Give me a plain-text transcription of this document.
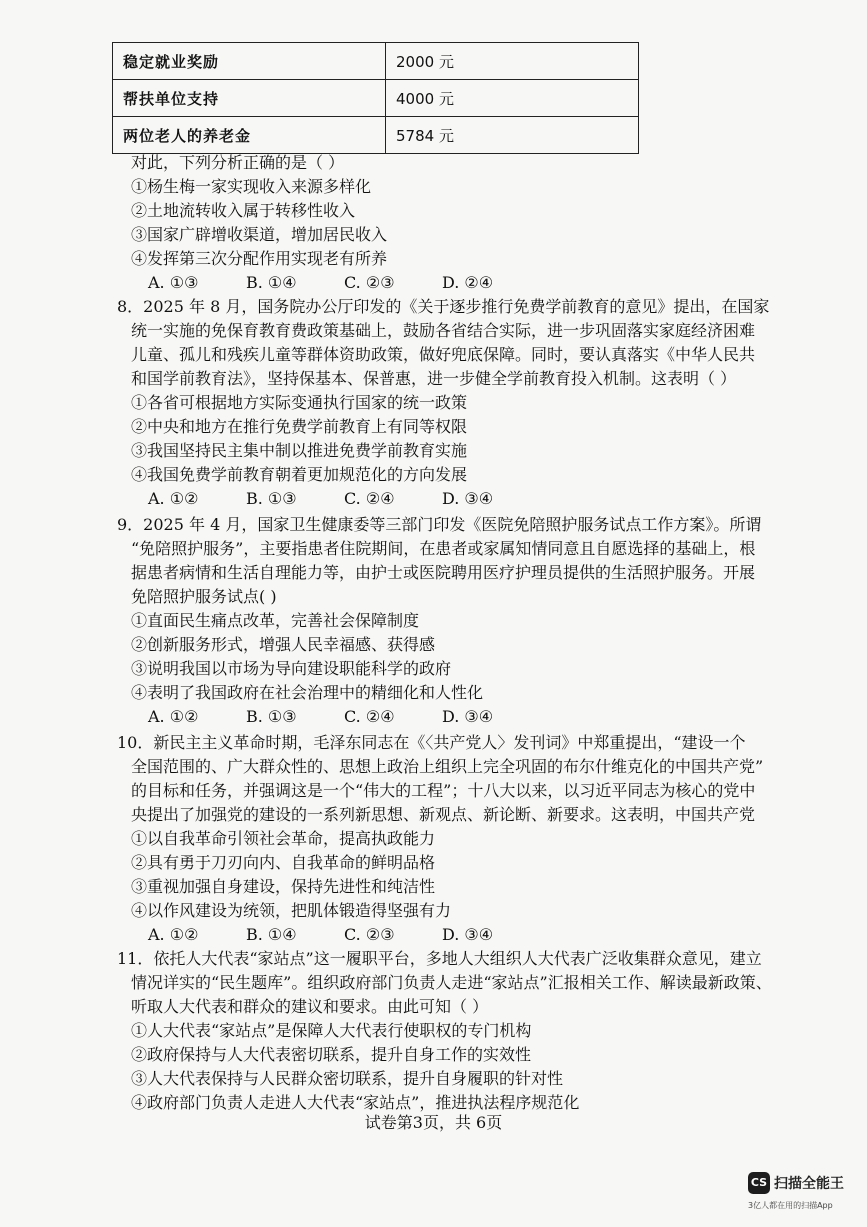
稳定就业奖励	2000 元
帮扶单位支持	4000 元
两位老人的养老金	5784 元
对此，下列分析正确的是（ ）
①杨生梅一家实现收入来源多样化
②土地流转收入属于转移性收入
③国家广辟增收渠道，增加居民收入
④发挥第三次分配作用实现老有所养
A. ①③	B. ①④	C. ②③	D. ②④
8．2025 年 8 月，国务院办公厅印发的《关于逐步推行免费学前教育的意见》提出，在国家
统一实施的免保育教育费政策基础上，鼓励各省结合实际，进一步巩固落实家庭经济困难
儿童、孤儿和残疾儿童等群体资助政策，做好兜底保障。同时，要认真落实《中华人民共
和国学前教育法》，坚持保基本、保普惠，进一步健全学前教育投入机制。这表明（ ）
①各省可根据地方实际变通执行国家的统一政策
②中央和地方在推行免费学前教育上有同等权限
③我国坚持民主集中制以推进免费学前教育实施
④我国免费学前教育朝着更加规范化的方向发展
A. ①②	B. ①③	C. ②④	D. ③④
9．2025 年 4 月，国家卫生健康委等三部门印发《医院免陪照护服务试点工作方案》。所谓
“免陪照护服务”，主要指患者住院期间，在患者或家属知情同意且自愿选择的基础上，根
据患者病情和生活自理能力等，由护士或医院聘用医疗护理员提供的生活照护服务。开展
免陪照护服务试点( )
①直面民生痛点改革，完善社会保障制度
②创新服务形式，增强人民幸福感、获得感
③说明我国以市场为导向建设职能科学的政府
④表明了我国政府在社会治理中的精细化和人性化
A. ①②	B. ①③	C. ②④	D. ③④
10．新民主主义革命时期，毛泽东同志在《〈共产党人〉发刊词》中郑重提出，“建设一个
全国范围的、广大群众性的、思想上政治上组织上完全巩固的布尔什维克化的中国共产党”
的目标和任务，并强调这是一个“伟大的工程”；十八大以来，以习近平同志为核心的党中
央提出了加强党的建设的一系列新思想、新观点、新论断、新要求。这表明，中国共产党
①以自我革命引领社会革命，提高执政能力
②具有勇于刀刃向内、自我革命的鲜明品格
③重视加强自身建设，保持先进性和纯洁性
④以作风建设为统领，把肌体锻造得坚强有力
A. ①②	B. ①④	C. ②③	D. ③④
11．依托人大代表“家站点”这一履职平台，多地人大组织人大代表广泛收集群众意见，建立
情况详实的“民生题库”。组织政府部门负责人走进“家站点”汇报相关工作、解读最新政策、
听取人大代表和群众的建议和要求。由此可知（ ）
①人大代表“家站点”是保障人大代表行使职权的专门机构
②政府保持与人大代表密切联系，提升自身工作的实效性
③人大代表保持与人民群众密切联系，提升自身履职的针对性
④政府部门负责人走进人大代表“家站点”，推进执法程序规范化
试卷第3页，共 6页
CS 扫描全能王
3亿人都在用的扫描App
